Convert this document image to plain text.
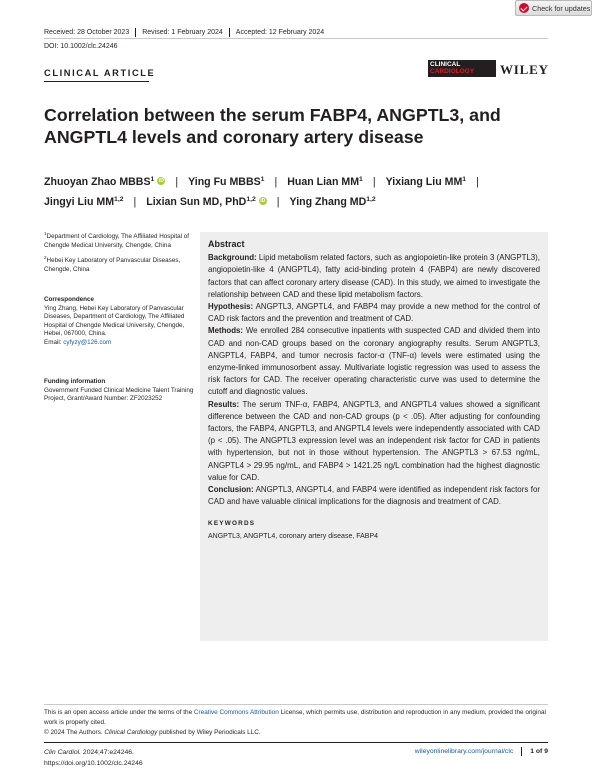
Check for updates
Received: 28 October 2023 Revised: 1 February 2024 Accepted: 12 February 2024
DOI: 10.1002/clc.24246
CLINICAL ARTICLE
CLINICAL
CARDIOLOGY	WILEY
Correlation between the serum FABP4, ANGPTL3, and ANGPTL4 levels and coronary artery disease
Zhuoyan Zhao MBBS$^1$ iD | Ying Fu MBBS$^1$ | Huan Lian $MM^1$ | Yixiang Liu $MM^1$ |
Jingyi Liu MM$^{1,2}$ | Lixian Sun MD, PhD$^{1,2}$ iD | Ying Zhang MD$^{1,2}$
$^1$Department of Cardiology, The Affiliated Hospital of Chengde Medical University, Chengde, China
$^2$Hebei Key Laboratory of Panvascular Diseases, Chengde, China
Correspondence
Ying Zhang, Hebei Key Laboratory of Panvascular Diseases, Department of Cardiology, The Affiliated Hospital of Chengde Medical University, Chengde, Hebei, 067000, China.
Email: cyfyzy@126.com
Funding information
Government Funded Clinical Medicine Talent Training Project, Grant/Award Number: ZF2023252
Abstract

Background: Lipid metabolism related factors, such as angiopoietin-like protein 3 (ANGPTL3), angiopoietin-like 4 (ANGPTL4), fatty acid-binding protein 4 (FABP4) are newly discovered factors that can affect coronary artery disease (CAD). In this study, we aimed to investigate the relationship between CAD and these lipid metabolism factors.

Hypothesis: ANGPTL3, ANGPTL4, and FABP4 may provide a new method for the control of CAD risk factors and the prevention and treatment of CAD.

Methods: We enrolled 284 consecutive inpatients with suspected CAD and divided them into CAD and non-CAD groups based on the coronary angiography results. Serum ANGPTL3, ANGPTL4, FABP4, and tumor necrosis factor-α (TNF-α) levels were estimated using the enzyme-linked immunosorbent assay. Multivariate logistic regression was used to assess the risk factors for CAD. The receiver operating characteristic curve was used to determine the cutoff and diagnostic values.

Results: The serum TNF-α, FABP4, ANGPTL3, and ANGPTL4 values showed a significant difference between the CAD and non-CAD groups (p < .05). After adjusting for confounding factors, the FABP4, ANGPTL3, and ANGPTL4 levels were independently associated with CAD (p < .05). The ANGPTL3 expression level was an independent risk factor for CAD in patients with hypertension, but not in those without hypertension. The ANGPTL3 > 67.53 ng/mL, ANGPTL4 > 29.95 ng/mL, and FABP4 > 1421.25 ng/L combination had the highest diagnostic value for CAD.

Conclusion: ANGPTL3, ANGPTL4, and FABP4 were identified as independent risk factors for CAD and have valuable clinical implications for the diagnosis and treatment of CAD.

KEYWORDS

ANGPTL3, ANGPTL4, coronary artery disease, FABP4

This is an open access article under the terms of the Creative Commons Attribution License, which permits use, distribution and reproduction in any medium, provided the original work is properly cited.
© 2024 The Authors. Clinical Cardiology published by Wiley Periodicals LLC.
Clin Cardiol. 2024;47:e24246.
https://doi.org/10.1002/clc.24246
wileyonlinelibrary.com/journal/clc	1 of 9
